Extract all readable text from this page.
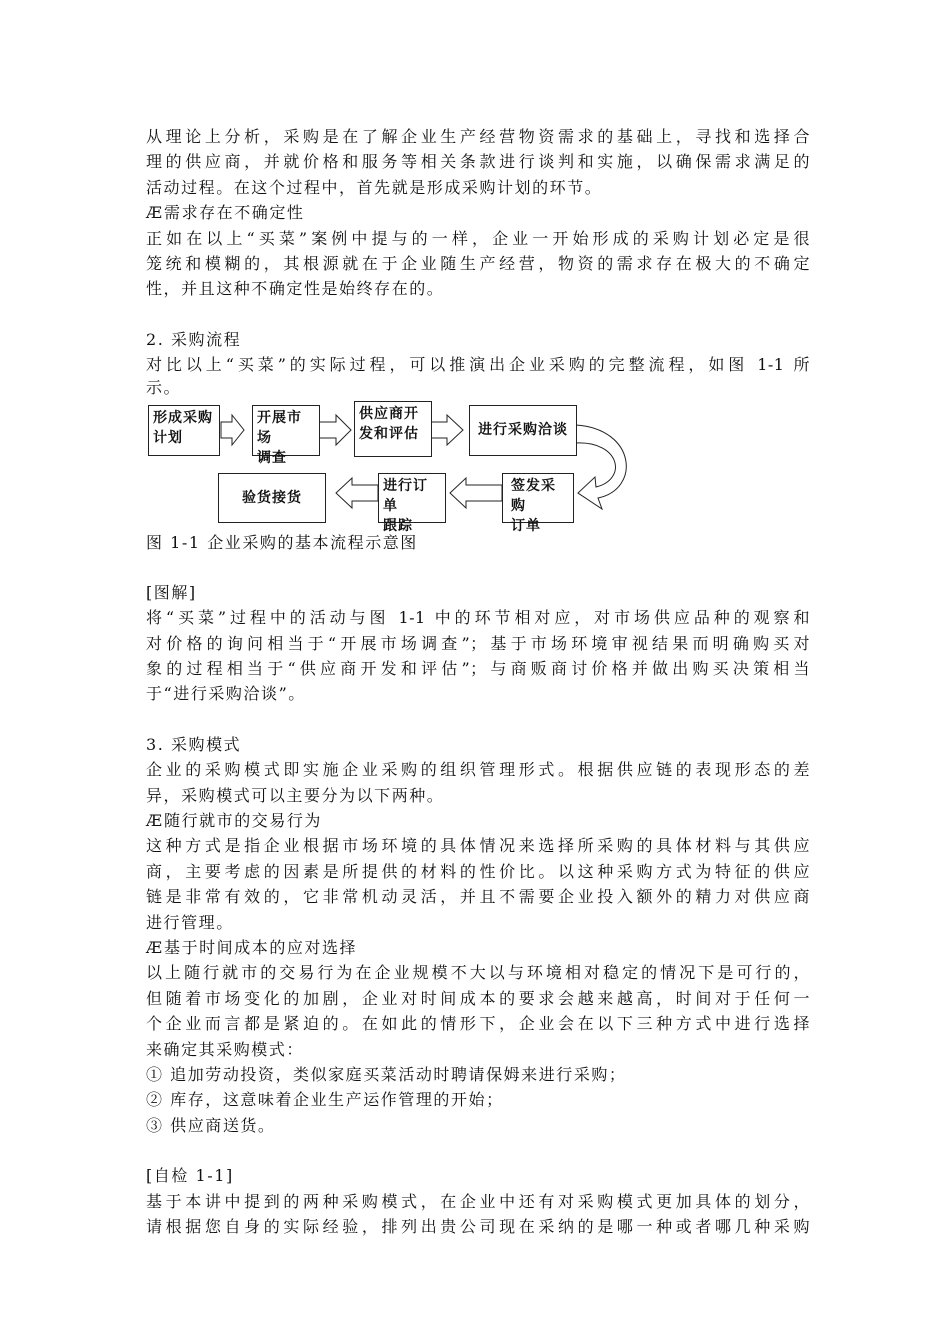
从理论上分析，采购是在了解企业生产经营物资需求的基础上，寻找和选择合
理的供应商，并就价格和服务等相关条款进行谈判和实施，以确保需求满足的
活动过程。在这个过程中，首先就是形成采购计划的环节。
Æ 需求存在不确定性
正如在以上“买菜”案例中提与的一样，企业一开始形成的采购计划必定是很
笼统和模糊的，其根源就在于企业随生产经营，物资的需求存在极大的不确定
性，并且这种不确定性是始终存在的。
2. 采购流程
对比以上“买菜”的实际过程，可以推演出企业采购的完整流程，如图 1-1 所
示。
形成采购
计划
开展市场
调查
供应商开
发和评估	进行采购洽谈
签发采购
订单
进行订单
跟踪
验货接货
图 1-1 企业采购的基本流程示意图
[图解]
将“买菜”过程中的活动与图 1-1 中的环节相对应，对市场供应品种的观察和
对价格的询问相当于“开展市场调查”；基于市场环境审视结果而明确购买对
象的过程相当于“供应商开发和评估”；与商贩商讨价格并做出购买决策相当
于“进行采购洽谈”。
3. 采购模式
企业的采购模式即实施企业采购的组织管理形式。根据供应链的表现形态的差
异，采购模式可以主要分为以下两种。
Æ 随行就市的交易行为
这种方式是指企业根据市场环境的具体情况来选择所采购的具体材料与其供应
商，主要考虑的因素是所提供的材料的性价比。以这种采购方式为特征的供应
链是非常有效的，它非常机动灵活，并且不需要企业投入额外的精力对供应商
进行管理。
Æ 基于时间成本的应对选择
以上随行就市的交易行为在企业规模不大以与环境相对稳定的情况下是可行的，
但随着市场变化的加剧，企业对时间成本的要求会越来越高，时间对于任何一
个企业而言都是紧迫的。在如此的情形下，企业会在以下三种方式中进行选择
来确定其采购模式：
① 追加劳动投资，类似家庭买菜活动时聘请保姆来进行采购；
② 库存，这意味着企业生产运作管理的开始；
③ 供应商送货。
[自检 1-1]
基于本讲中提到的两种采购模式，在企业中还有对采购模式更加具体的划分，
请根据您自身的实际经验，排列出贵公司现在采纳的是哪一种或者哪几种采购
